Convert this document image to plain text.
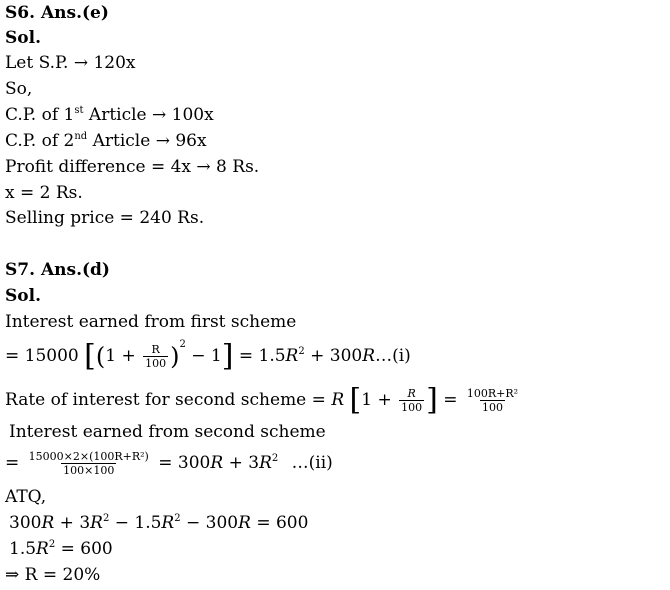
S6. Ans.(e)
Sol.
Let S.P. → 120x
So,
C.P. of 1st Article → 100x
C.P. of 2nd Article → 96x
Profit difference = 4x → 8 Rs.
x = 2 Rs.
Selling price = 240 Rs.
S7. Ans.(d)
Sol.
Interest earned from first scheme
= 15000 $[(1 + \frac{R}{100} )^2 - 1] = 1.5R^2$ + 300R…(i)
Rate of interest for second scheme = R [$1 + \frac{R}{100}$ ] = $\frac{\text{100R+R²}}{100}$
Interest earned from second scheme
= $\frac{\text{15000×2×(100R+R²)}}{100\times 100} = 300R + 3R^2$ …(ii)
ATQ,
$300R + 3R^2 - 1.5R^2 - 300R = 600$
$1.5R^2 = 600$
⇒ R = 20%
